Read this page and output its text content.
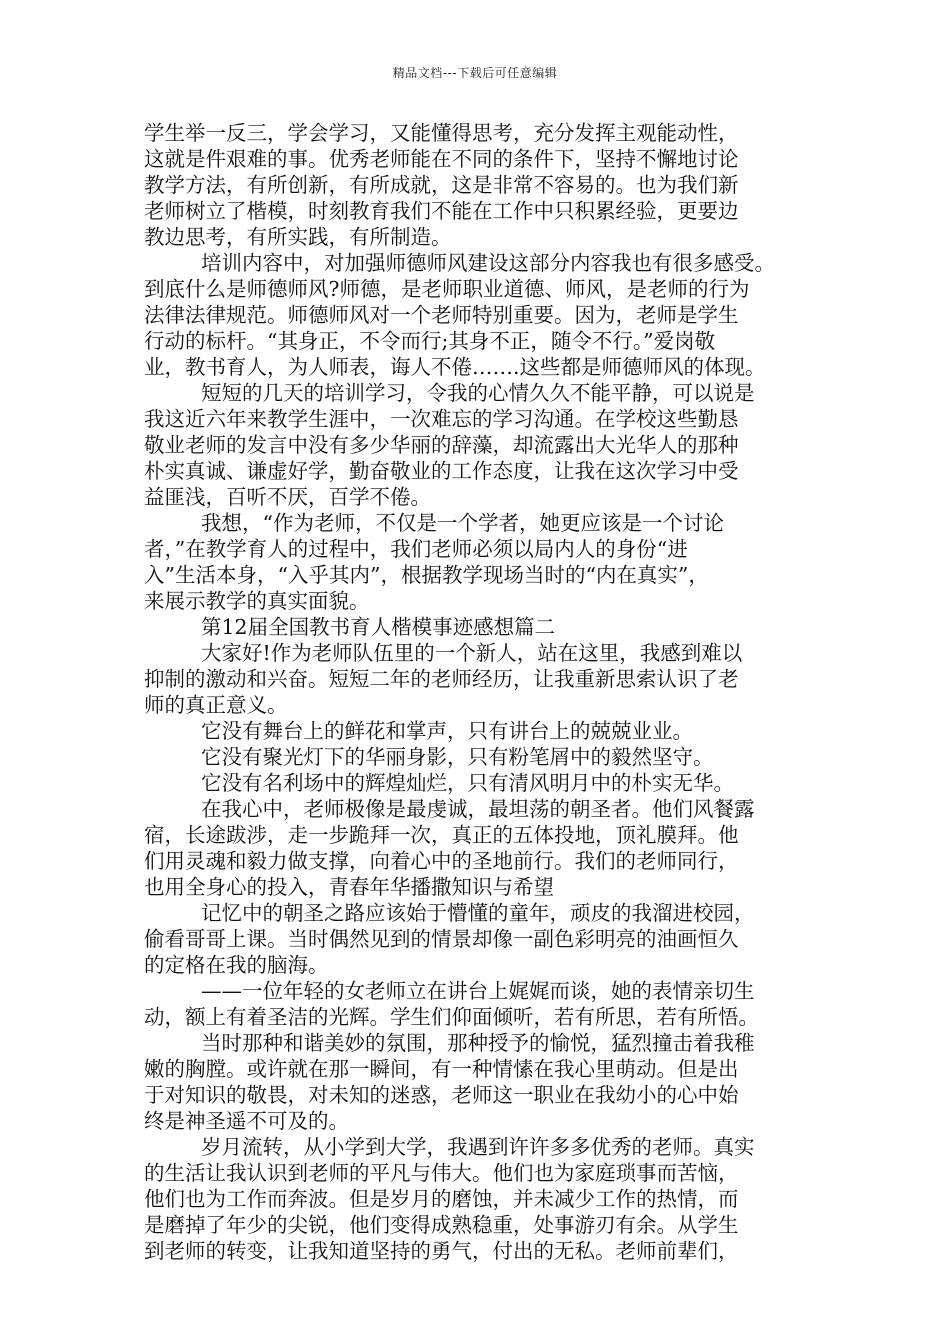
精品文档---下载后可任意编辑
学生举一反三，学会学习，又能懂得思考，充分发挥主观能动性，
这就是件艰难的事。优秀老师能在不同的条件下，坚持不懈地讨论
教学方法，有所创新，有所成就，这是非常不容易的。也为我们新
老师树立了楷模，时刻教育我们不能在工作中只积累经验，更要边
教边思考，有所实践，有所制造。
培训内容中，对加强师德师风建设这部分内容我也有很多感受。
到底什么是师德师风?师德，是老师职业道德、师风，是老师的行为
法律法律规范。师德师风对一个老师特别重要。因为，老师是学生
行动的标杆。“其身正，不令而行;其身不正，随令不行。”爱岗敬
业，教书育人，为人师表，诲人不倦…….这些都是师德师风的体现。
短短的几天的培训学习，令我的心情久久不能平静，可以说是
我这近六年来教学生涯中，一次难忘的学习沟通。在学校这些勤恳
敬业老师的发言中没有多少华丽的辞藻，却流露出大光华人的那种
朴实真诚、谦虚好学，勤奋敬业的工作态度，让我在这次学习中受
益匪浅，百听不厌，百学不倦。
我想，“作为老师，不仅是一个学者，她更应该是一个讨论
者，”在教学育人的过程中，我们老师必须以局内人的身份“进
入”生活本身，“入乎其内”，根据教学现场当时的“内在真实”，
来展示教学的真实面貌。
第12届全国教书育人楷模事迹感想篇二
大家好!作为老师队伍里的一个新人，站在这里，我感到难以
抑制的激动和兴奋。短短二年的老师经历，让我重新思索认识了老
师的真正意义。
它没有舞台上的鲜花和掌声，只有讲台上的兢兢业业。
它没有聚光灯下的华丽身影，只有粉笔屑中的毅然坚守。
它没有名利场中的辉煌灿烂，只有清风明月中的朴实无华。
在我心中，老师极像是最虔诚，最坦荡的朝圣者。他们风餐露
宿，长途跋涉，走一步跪拜一次，真正的五体投地，顶礼膜拜。他
们用灵魂和毅力做支撑，向着心中的圣地前行。我们的老师同行，
也用全身心的投入，青春年华播撒知识与希望
记忆中的朝圣之路应该始于懵懂的童年，顽皮的我溜进校园，
偷看哥哥上课。当时偶然见到的情景却像一副色彩明亮的油画恒久
的定格在我的脑海。
——一位年轻的女老师立在讲台上娓娓而谈，她的表情亲切生
动，额上有着圣洁的光辉。学生们仰面倾听，若有所思，若有所悟。
当时那种和谐美妙的氛围，那种授予的愉悦，猛烈撞击着我稚
嫩的胸膛。或许就在那一瞬间，有一种情愫在我心里萌动。但是出
于对知识的敬畏，对未知的迷惑，老师这一职业在我幼小的心中始
终是神圣遥不可及的。
岁月流转，从小学到大学，我遇到许许多多优秀的老师。真实
的生活让我认识到老师的平凡与伟大。他们也为家庭琐事而苦恼，
他们也为工作而奔波。但是岁月的磨蚀，并未减少工作的热情，而
是磨掉了年少的尖锐，他们变得成熟稳重，处事游刃有余。从学生
到老师的转变，让我知道坚持的勇气，付出的无私。老师前辈们，
